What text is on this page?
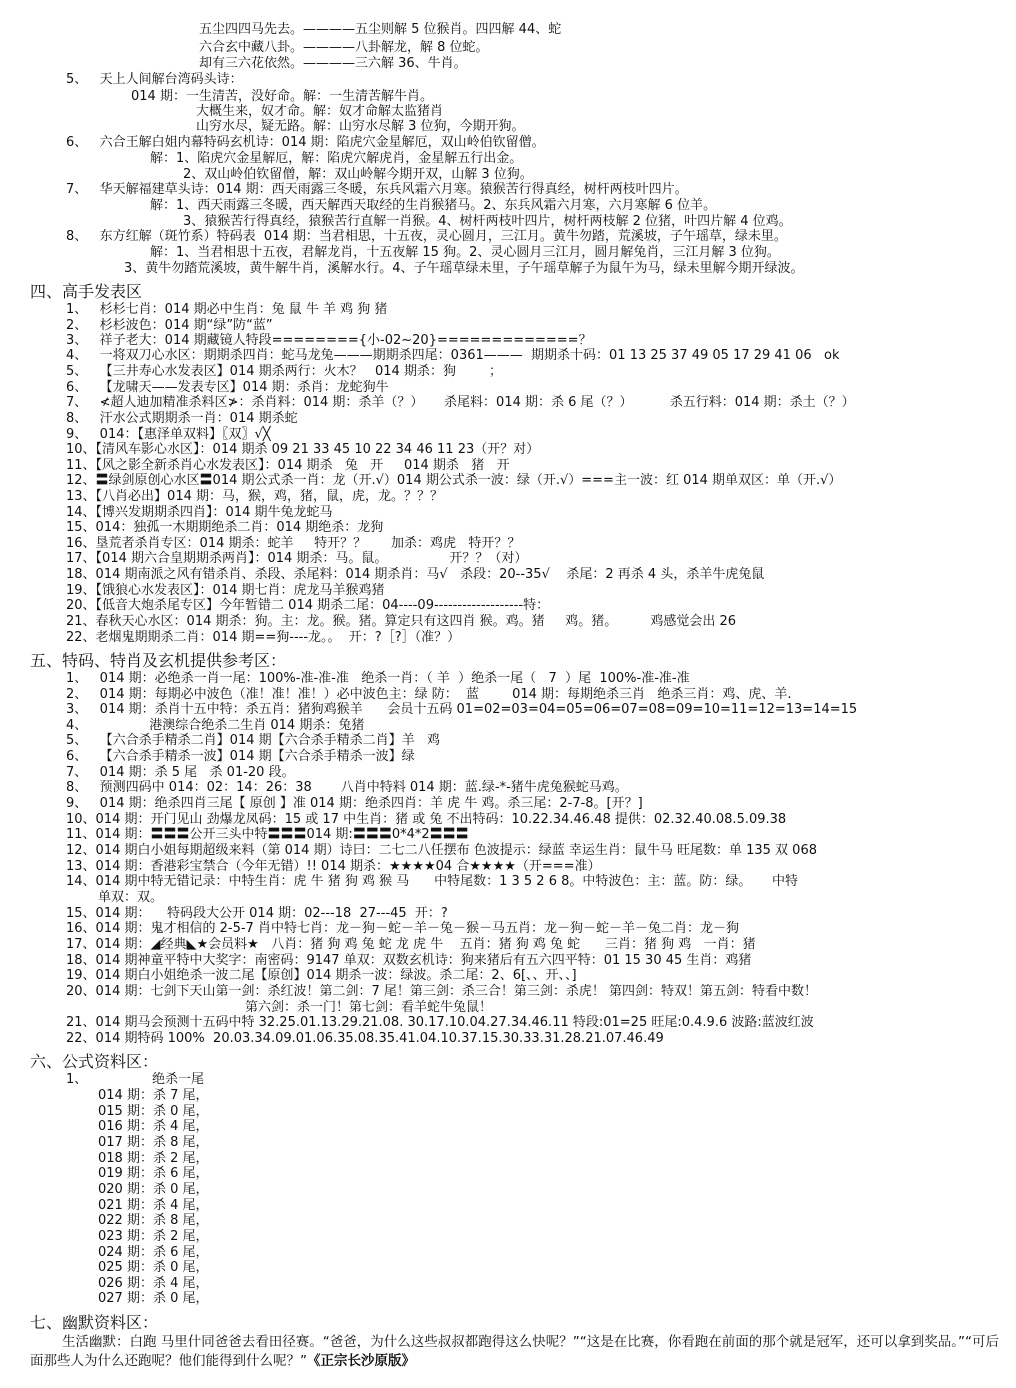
五尘四四马先去。————五尘则解 5 位猴肖。四四解 44、蛇
六合玄中藏八卦。————八卦解龙，解 8 位蛇。
却有三六花依然。————三六解 36、牛肖。
5、   天上人间解台湾码头诗：
014 期：一生清苦，没好命。解：一生清苦解牛肖。
大概生来，奴才命。解：奴才命解太监猪肖
山穷水尽，疑无路。解：山穷水尽解 3 位狗，今期开狗。
6、   六合王解白姐内幕特码玄机诗：014 期：陷虎穴金星解厄，双山岭伯钦留僧。
解：1、陷虎穴金星解厄，解：陷虎穴解虎肖，金星解五行出金。
2、双山岭伯钦留僧，解：双山岭解今期开双，山解 3 位狗。
7、   华天解福建草头诗：014 期：西天雨露三冬暖，东兵风霜六月寒。猿猴苦行得真经，树杆两枝叶四片。
解：1、西天雨露三冬暖，西天解西天取经的生肖猴猪马。2、东兵风霜六月寒，六月寒解 6 位羊。
3、猿猴苦行得真经，猿猴苦行直解一肖猴。4、树杆两枝叶四片，树杆两枝解 2 位猪，叶四片解 4 位鸡。
8、   东方红解（斑竹系）特码表  014 期：当君相思，十五夜，灵心圆月，三江月。黄牛勿踏，荒溪坡，子午瑶草，绿未里。
解：1、当君相思十五夜，君解龙肖，十五夜解 15 狗。2、灵心圆月三江月，圆月解兔肖，三江月解 3 位狗。
3、黄牛勿踏荒溪坡，黄牛解牛肖，溪解水行。4、子午瑶草绿未里，子午瑶草解子为鼠午为马，绿未里解今期开绿波。
四、高手发表区
1、   杉杉七肖：014 期必中生肖：兔 鼠 牛 羊 鸡 狗 猪
2、   杉杉波色：014 期“绿”防“蓝”
3、   祥子老大：014 期藏镜人特段========{小-02~20}=============？
4、   一将双刀心水区：期期杀四肖：蛇马龙兔———期期杀四尾：0361———  期期杀十码：01 13 25 37 49 05 17 29 41 06   ok
5、   【三井寿心水发表区】014 期杀两行：火木？   014 期杀：狗        ；
6、   【龙啸天——发表专区】014 期：杀肖：龙蛇狗牛
7、   ≮超人迪加精准杀料区≯：杀肖料：014 期：杀羊（？）     杀尾料：014 期：杀 6 尾（？）         杀五行料：014 期：杀土（？）
8、   汗水公式期期杀一肖：014 期杀蛇
9、   014：【惠泽单双料】〖双〗√╳
10、【清风车影心水区】：014 期杀 09 21 33 45 10 22 34 46 11 23（开？对）
11、【风之影全新杀肖心水发表区】：014 期杀   兔   开     014 期杀   猪   开
12、〓绿剑原创心水区〓014 期公式杀一肖：龙（开.√）014 期公式杀一波：绿（开.√）===主一波：红 014 期单双区：单（开.√）
13、【八肖必出】014 期：马，猴，鸡，猪，鼠，虎，龙。？？？
14、【博兴发期期杀四肖】：014 期牛兔龙蛇马
15、014：独孤一木期期绝杀二肖：014 期绝杀：龙狗
16、垦荒者杀肖专区：014 期杀：蛇羊     特开？？      加杀：鸡虎   特开？？
17、【014 期六合皇期期杀两肖】：014 期杀：马。鼠。               开？？（对）
18、014 期南派之风有错杀肖、杀段、杀尾料：014 期杀肖：马√   杀段：20--35√    杀尾：2 再杀 4 头，杀羊牛虎兔鼠
19、【饿狼心水发表区】：014 期七肖：虎龙马羊猴鸡猪
20、【低音大炮杀尾专区】今年暂错二 014 期杀二尾：04----09-------------------特：
21、春秋天心水区：014 期杀：狗。主：龙。猴。猪。算定只有这四肖 猴。鸡。猪     鸡。猪。        鸡感觉会出 26
22、老烟鬼期期杀二肖：014 期==狗----龙。。  开：?［?］（准？）
五、特码、特肖及玄机提供参考区：
1、   014 期：必绝杀一肖一尾：100%-准-准-准   绝杀一肖：（ 羊  ）绝杀一尾（   7  ）尾  100%-准-准-准
2、   014 期：每期必中波色（准！准！准！）必中波色主：绿 防：  蓝        014 期：每期绝杀三肖   绝杀三肖：鸡、虎、羊.
3、   014 期：杀肖十五中特：杀五肖：猪狗鸡猴羊      会员十五码 01=02=03=04=05=06=07=08=09=10=11=12=13=14=15
4、               港澳综合绝杀二生肖 014 期杀：兔猪
5、   【六合杀手精杀二肖】014 期【六合杀手精杀二肖】羊   鸡
6、   【六合杀手精杀一波】014 期【六合杀手精杀一波】绿
7、   014 期：杀 5 尾   杀 01-20 段。
8、   预测四码中 014：02：14：26：38       八肖中特料 014 期：蓝.绿-*-猪牛虎兔猴蛇马鸡。
9、   014 期：绝杀四肖三尾【 原创 】准 014 期：绝杀四肖：羊 虎 牛 鸡。杀三尾：2-7-8。[开？]
10、014 期：开门见山 劲爆龙凤码：15 或 17 中生肖：猪 或 兔 不出特码：10.22.34.46.48 提供：02.32.40.08.5.09.38
11、014 期：〓〓〓公开三头中特〓〓〓014 期:〓〓〓0*4*2〓〓〓
12、014 期白小姐每期超级来料（第 014 期）诗曰：二七二八任摆布 色波提示：绿蓝 幸运生肖：鼠牛马 旺尾数：单 135 双 068
13、014 期：香港彩宝禁合（今年无错）!! 014 期杀：★★★★04 合★★★★（开===准）
14、014 期中特无错记录：中特生肖：虎 牛 猪 狗 鸡 猴 马      中特尾数：1 3 5 2 6 8。中特波色：主：蓝。防：绿。     中特
单双：双。
15、014 期：    特码段大公开 014 期：02---18  27---45  开：?
16、014 期：鬼才相信的 2-5-7 肖中特七肖：龙－狗－蛇－羊－兔－猴－马五肖：龙－狗－蛇－羊－兔二肖：龙－狗
17、014 期：◢经典◣★会员料★   八肖：猪 狗 鸡 兔 蛇 龙 虎 牛    五肖：猪 狗 鸡 兔 蛇      三肖：猪 狗 鸡   一肖：猪
18、014 期神童平特中大奖字：南密码：9147 单双：双数玄机诗：狗来猪后有五六四平特：01 15 30 45 生肖：鸡猪
19、014 期白小姐绝杀一波二尾【原创】014 期杀一波：绿波。杀二尾：2、6[、、开、、]
20、014 期：七剑下天山第一剑：杀红波！第二剑：7 尾！第三剑：杀三合！第三剑：杀虎！ 第四剑：特双！第五剑：特看中数！
第六剑：杀一门！第七剑：看羊蛇牛兔鼠！
21、014 期马会预测十五码中特 32.25.01.13.29.21.08. 30.17.10.04.27.34.46.11 特段:01=25 旺尾:0.4.9.6 波路:蓝波红波
22、014 期特码 100%  20.03.34.09.01.06.35.08.35.41.04.10.37.15.30.33.31.28.21.07.46.49
六、公式资料区：
1、	绝杀一尾
014 期：杀 7 尾，
015 期：杀 0 尾，
016 期：杀 4 尾，
017 期：杀 8 尾，
018 期：杀 2 尾，
019 期：杀 6 尾，
020 期：杀 0 尾，
021 期：杀 4 尾，
022 期：杀 8 尾，
023 期：杀 2 尾，
024 期：杀 6 尾，
025 期：杀 0 尾，
026 期：杀 4 尾，
027 期：杀 0 尾，
七、幽默资料区：
生活幽默：白跑 马里什同爸爸去看田径赛。“爸爸，为什么这些叔叔都跑得这么快呢？”“这是在比赛，你看跑在前面的那个就是冠军，还可以拿到奖品。”“可后面那些人为什么还跑呢？他们能得到什么呢？”《正宗长沙原版》
